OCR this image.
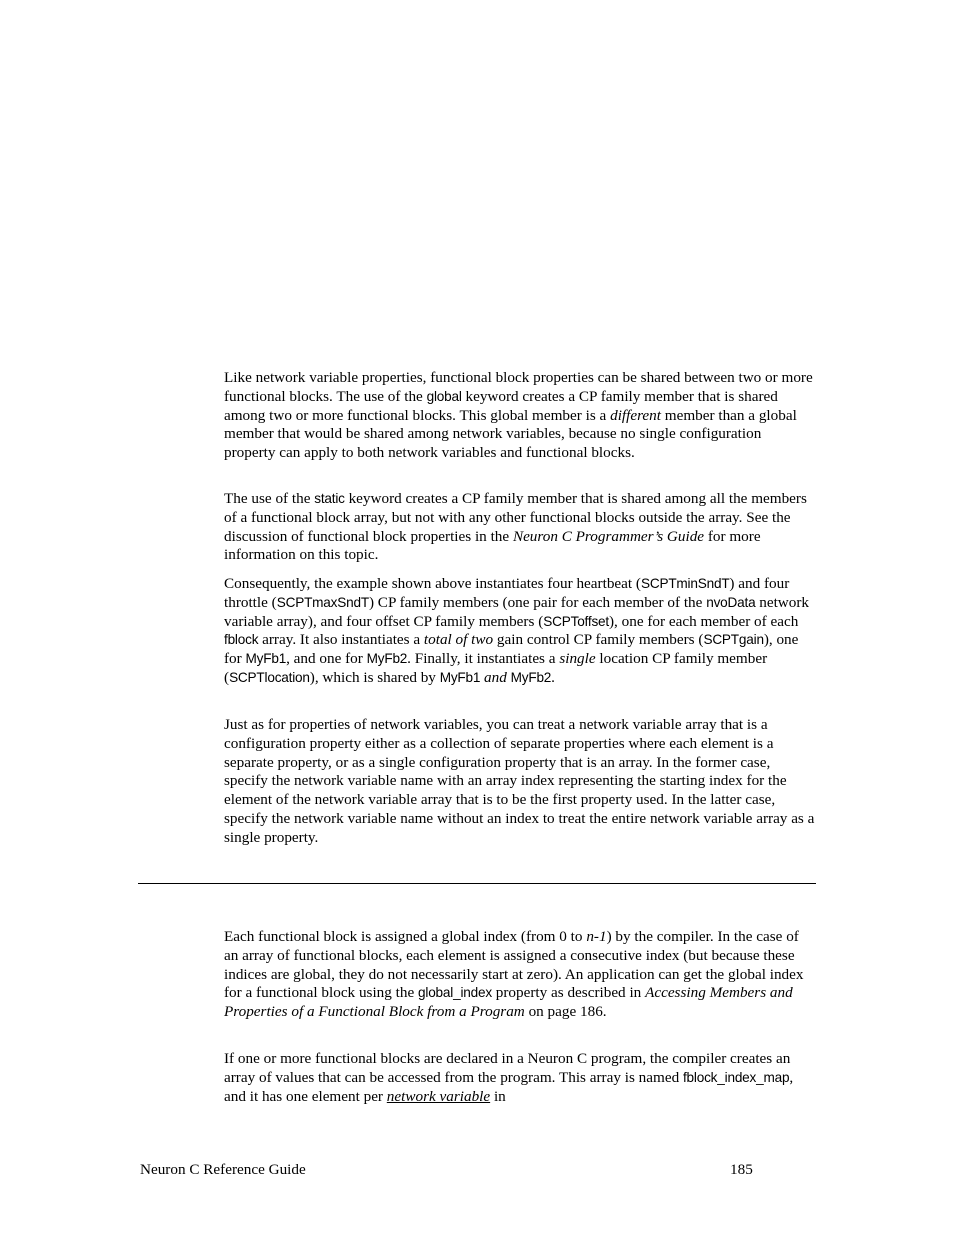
Like network variable properties, functional block properties can be shared between two or more functional blocks. The use of the global keyword creates a CP family member that is shared among two or more functional blocks. This global member is a different member than a global member that would be shared among network variables, because no single configuration property can apply to both network variables and functional blocks.

The use of the static keyword creates a CP family member that is shared among all the members of a functional block array, but not with any other functional blocks outside the array. See the discussion of functional block properties in the Neuron C Programmer’s Guide for more information on this topic.

Consequently, the example shown above instantiates four heartbeat (SCPTminSndT) and four throttle (SCPTmaxSndT) CP family members (one pair for each member of the nvoData network variable array), and four offset CP family members (SCPToffset), one for each member of each fblock array. It also instantiates a total of two gain control CP family members (SCPTgain), one for MyFb1, and one for MyFb2. Finally, it instantiates a single location CP family member (SCPTlocation), which is shared by MyFb1 and MyFb2.

Just as for properties of network variables, you can treat a network variable array that is a configuration property either as a collection of separate properties where each element is a separate property, or as a single configuration property that is an array. In the former case, specify the network variable name with an array index representing the starting index for the element of the network variable array that is to be the first property used. In the latter case, specify the network variable name without an index to treat the entire network variable array as a single property.

Each functional block is assigned a global index (from 0 to n-1) by the compiler. In the case of an array of functional blocks, each element is assigned a consecutive index (but because these indices are global, they do not necessarily start at zero). An application can get the global index for a functional block using the global_index property as described in Accessing Members and Properties of a Functional Block from a Program on page 186.

If one or more functional blocks are declared in a Neuron C program, the compiler creates an array of values that can be accessed from the program. This array is named fblock_index_map, and it has one element per network variable in

Neuron C Reference Guide	185
